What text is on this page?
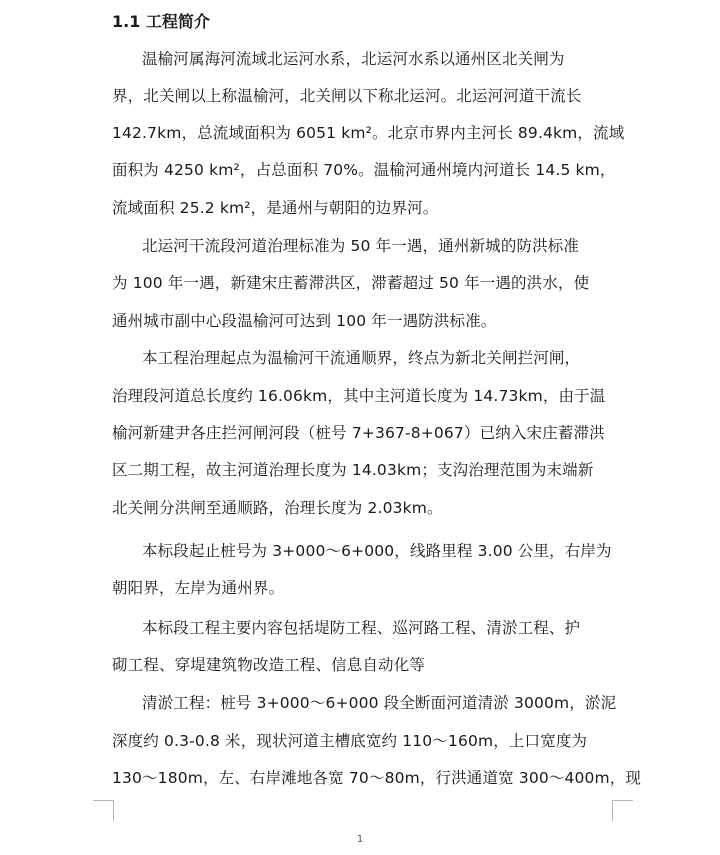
1.1 工程简介
温榆河属海河流域北运河水系，北运河水系以通州区北关闸为
界，北关闸以上称温榆河，北关闸以下称北运河。北运河河道干流长
142.7km，总流域面积为 6051 km²。北京市界内主河长 89.4km，流域
面积为 4250 km²，占总面积 70%。温榆河通州境内河道长 14.5 km，
流域面积 25.2 km²，是通州与朝阳的边界河。
北运河干流段河道治理标准为 50 年一遇，通州新城的防洪标准
为 100 年一遇，新建宋庄蓄滞洪区，滞蓄超过 50 年一遇的洪水，使
通州城市副中心段温榆河可达到 100 年一遇防洪标准。
本工程治理起点为温榆河干流通顺界，终点为新北关闸拦河闸，
治理段河道总长度约 16.06km，其中主河道长度为 14.73km，由于温
榆河新建尹各庄拦河闸河段（桩号 7+367-8+067）已纳入宋庄蓄滞洪
区二期工程，故主河道治理长度为 14.03km；支沟治理范围为末端新
北关闸分洪闸至通顺路，治理长度为 2.03km。
本标段起止桩号为 3+000～6+000，线路里程 3.00 公里，右岸为
朝阳界，左岸为通州界。
本标段工程主要内容包括堤防工程、巡河路工程、清淤工程、护
砌工程、穿堤建筑物改造工程、信息自动化等
清淤工程：桩号 3+000～6+000 段全断面河道清淤 3000m，淤泥
深度约 0.3-0.8 米，现状河道主槽底宽约 110～160m，上口宽度为
130～180m，左、右岸滩地各宽 70～80m，行洪通道宽 300～400m，现
1
